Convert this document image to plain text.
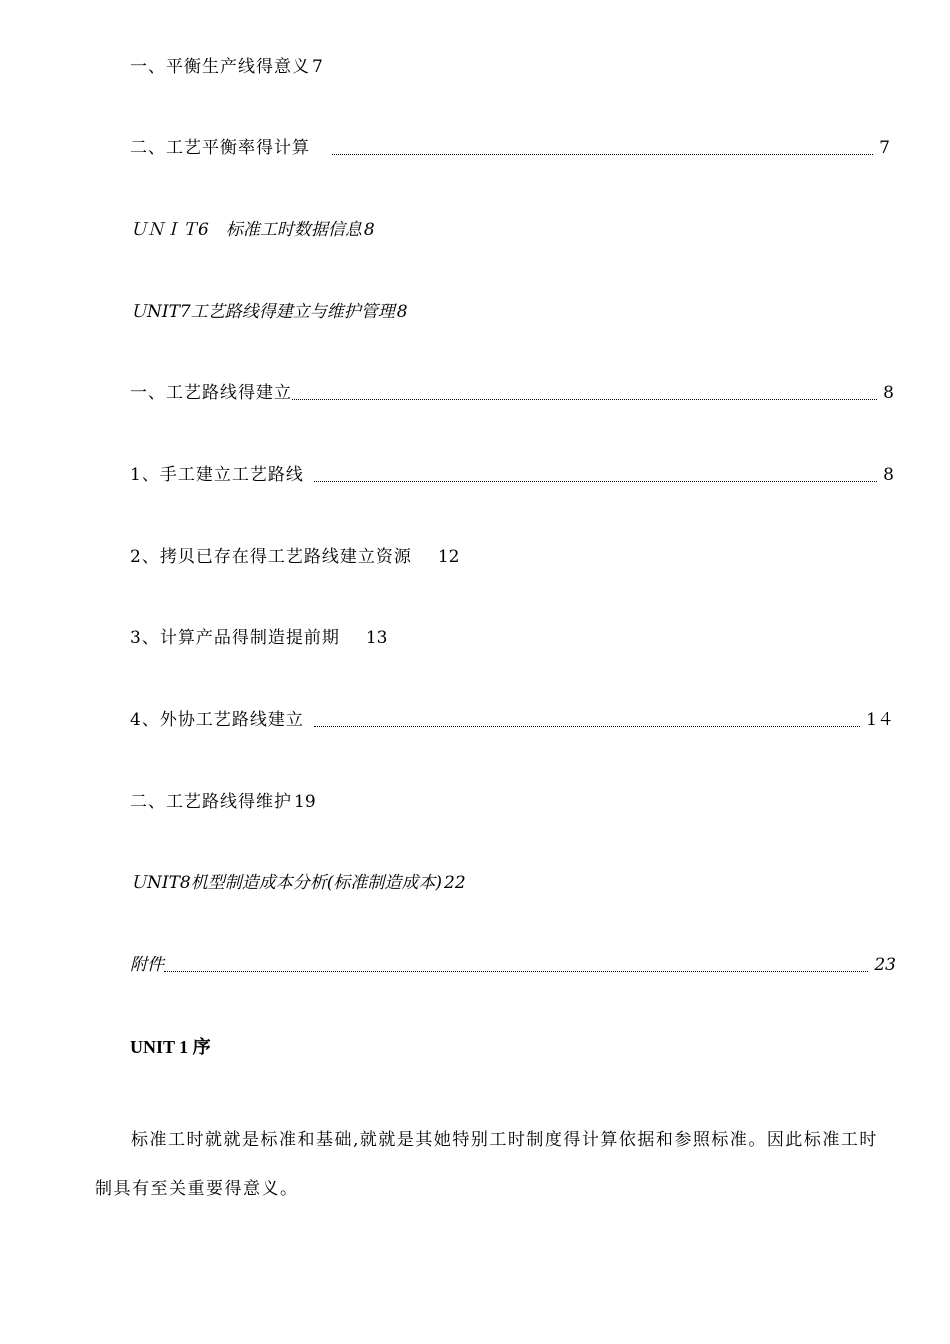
一、平衡生产线得意义 7
二、工艺平衡率得计算	7
ＵＮＩＴ6　标准工时数据信息 8
ＵNIT7工艺路线得建立与维护管理 8
一、工艺路线得建立	8
1、手工建立工艺路线	8
2、拷贝已存在得工艺路线建立资源	12
3、计算产品得制造提前期	13
4、外协工艺路线建立	1４
二、工艺路线得维护 19
ＵNIT8机型制造成本分析(标准制造成本) 22
附件	23
UNIT 1 序

标准工时就就是标准和基础,就就是其她特别工时制度得计算依据和参照标准。因此标准工时制具有至关重要得意义。
